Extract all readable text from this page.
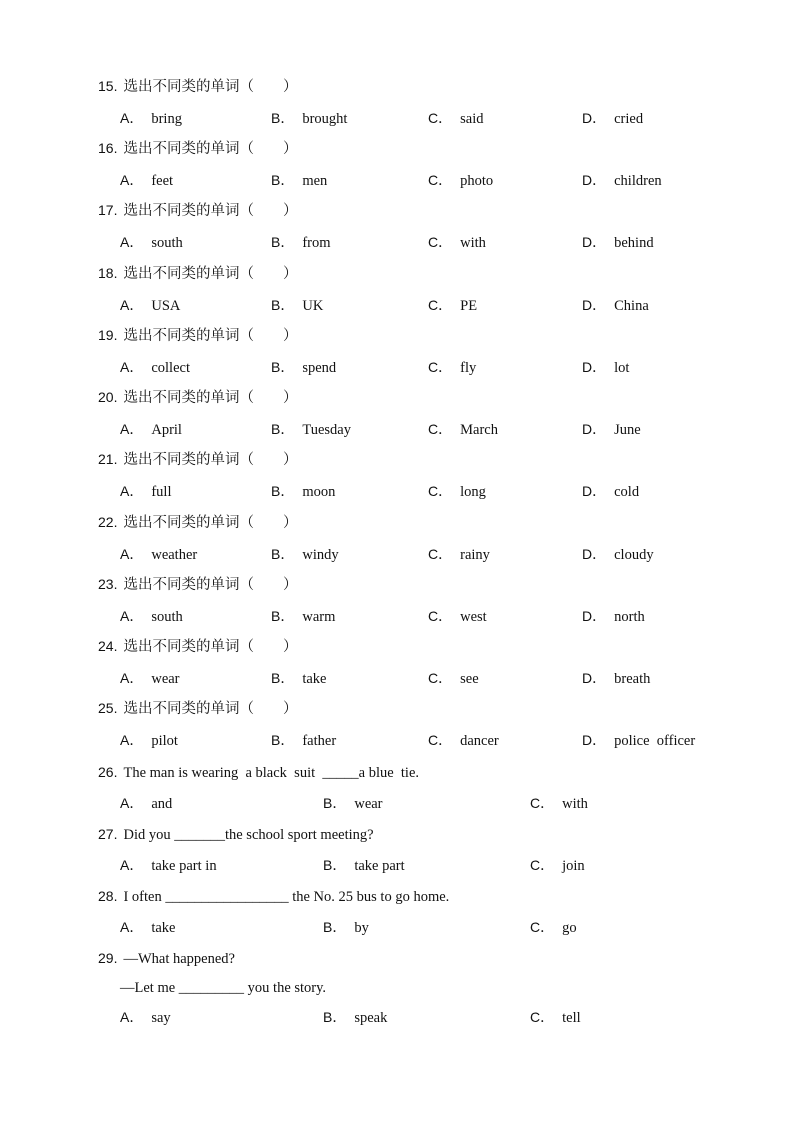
15. 选出不同类的单词（　　）
A． bring	B． brought	C． said	D． cried
16. 选出不同类的单词（　　）
A． feet	B． men	C． photo	D． children
17. 选出不同类的单词（　　）
A． south	B． from	C． with	D． behind
18. 选出不同类的单词（　　）
A． USA	B． UK	C． PE	D． China
19. 选出不同类的单词（　　）
A． collect	B． spend	C． fly	D． lot
20. 选出不同类的单词（　　）
A． April	B． Tuesday	C． March	D． June
21. 选出不同类的单词（　　）
A． full	B． moon	C． long	D． cold
22. 选出不同类的单词（　　）
A． weather	B． windy	C． rainy	D． cloudy
23. 选出不同类的单词（　　）
A． south	B． warm	C． west	D． north
24. 选出不同类的单词（　　）
A． wear	B． take	C． see	D． breath
25. 选出不同类的单词（　　）
A． pilot	B． father	C． dancer	D． police  officer
26. The man is wearing  a black  suit  _____a blue  tie.
A． and	B． wear	C． with
27. Did you _______the school sport meeting?
A． take part in	B． take part	C． join
28. I often _________________ the No. 25 bus to go home.
A． take	B． by	C． go
29. —What happened?
—Let me _________ you the story.
A． say	B． speak	C． tell
